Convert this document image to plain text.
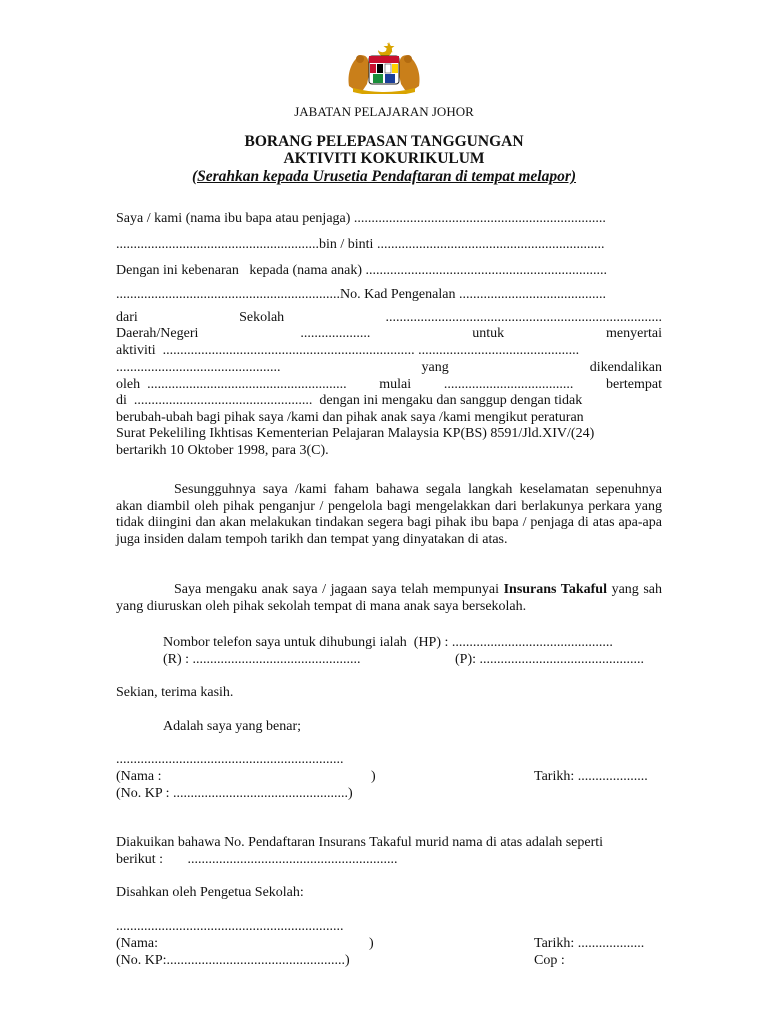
JABATAN PELAJARAN JOHOR
BORANG PELEPASAN TANGGUNGAN
AKTIVITI KOKURIKULUM
(Serahkan kepada Urusetia Pendaftaran di tempat melapor)
Saya / kami (nama ibu bapa atau penjaga) ........................................................................
..........................................................bin / binti .................................................................
Dengan ini kebenaran   kepada (nama anak) .....................................................................
................................................................No. Kad Pengenalan ..........................................
dari	Sekolah	...............................................................................
Daerah/Negeri	....................	untuk	menyertai
aktiviti  ........................................................................ ..............................................
...............................................	yang	dikendalikan
oleh  ......................................................... mulai ..................................... bertempat
di  ...................................................  dengan ini mengaku dan sanggup dengan tidak
berubah-ubah bagi pihak saya /kami dan pihak anak saya /kami mengikut peraturan
Surat Pekeliling Ikhtisas Kementerian Pelajaran Malaysia KP(BS) 8591/Jld.XIV/(24)
bertarikh 10 Oktober 1998, para 3(C).
Sesungguhnya saya /kami faham bahawa segala langkah keselamatan sepenuhnya akan diambil oleh pihak penganjur / pengelola bagi mengelakkan dari berlakunya perkara yang tidak diingini dan akan melakukan tindakan segera bagi pihak ibu bapa / penjaga di atas apa-apa juga insiden dalam tempoh tarikh dan tempat yang dinyatakan di atas.
Saya mengaku anak saya / jagaan saya telah mempunyai Insurans Takaful yang sah yang diuruskan oleh pihak sekolah tempat di mana anak saya bersekolah.
Nombor telefon saya untuk dihubungi ialah  (HP) : ..............................................
(R) : ................................................	(P): ...............................................
Sekian, terima kasih.
Adalah saya yang benar;
.................................................................
(Nama :	)	Tarikh: ....................
(No. KP : ..................................................)
Diakuikan bahawa No. Pendaftaran Insurans Takaful murid nama di atas adalah seperti
berikut :       ............................................................
Disahkan oleh Pengetua Sekolah:
.................................................................
(Nama:	)	Tarikh: ...................
(No. KP:...................................................)	Cop :
